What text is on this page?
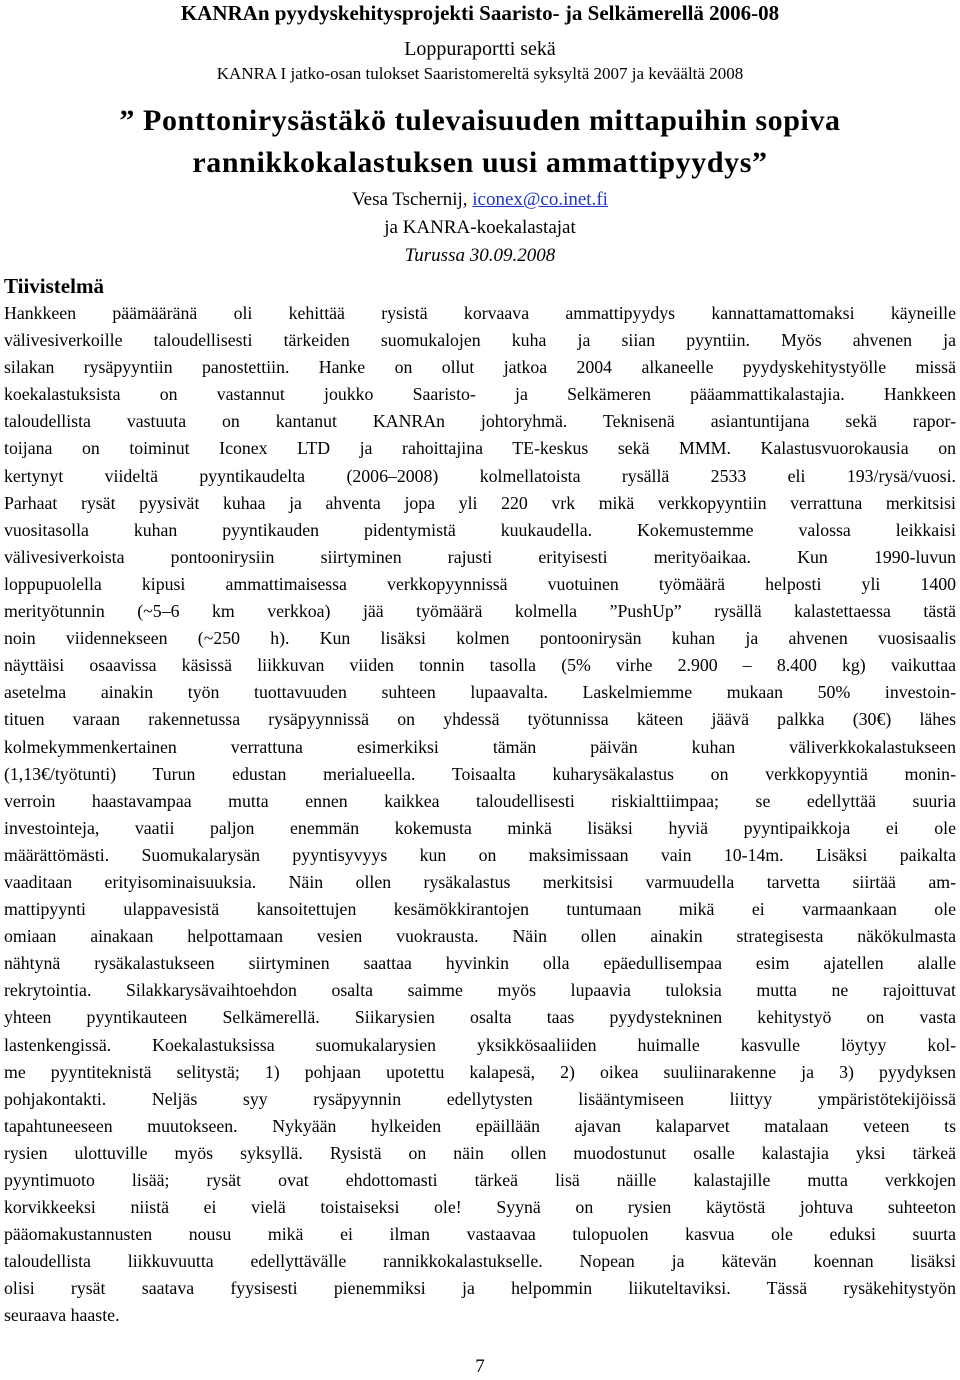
KANRAn pyydyskehitysprojekti Saaristo- ja Selkämerellä 2006-08

Loppuraportti sekä

KANRA I jatko-osan tulokset Saaristomereltä syksyltä 2007 ja keväältä 2008

” Ponttonirysästäkö tulevaisuuden mittapuihin sopiva
rannikkokalastuksen uusi ammattipyydys”

Vesa Tschernij, iconex@co.inet.fi

ja KANRA-koekalastajat

Turussa 30.09.2008

Tiivistelmä
Hankkeen päämääränä oli kehittää rysistä korvaava ammattipyydys kannattamattomaksi käyneille
välivesiverkoille taloudellisesti tärkeiden suomukalojen kuha ja siian pyyntiin. Myös ahvenen ja
silakan rysäpyyntiin panostettiin. Hanke on ollut jatkoa 2004 alkaneelle pyydyskehitystyölle missä
koekalastuksista on vastannut joukko Saaristo- ja Selkämeren pääammattikalastajia. Hankkeen
taloudellista vastuuta on kantanut KANRAn johtoryhmä. Teknisenä asiantuntijana sekä rapor-
toijana on toiminut Iconex LTD ja rahoittajina TE-keskus sekä MMM. Kalastusvuorokausia on
kertynyt viideltä pyyntikaudelta (2006–2008) kolmellatoista rysällä 2533 eli 193/rysä/vuosi.
Parhaat rysät pyysivät kuhaa ja ahventa jopa yli 220 vrk mikä verkkopyyntiin verrattuna merkitsisi
vuositasolla kuhan pyyntikauden pidentymistä kuukaudella. Kokemustemme valossa leikkaisi
välivesiverkoista pontoonirysiin siirtyminen rajusti erityisesti merityöaikaa. Kun 1990-luvun
loppupuolella kipusi ammattimaisessa verkkopyynnissä vuotuinen työmäärä helposti yli 1400
merityötunnin (~5–6 km verkkoa) jää työmäärä kolmella ”PushUp” rysällä kalastettaessa tästä
noin viidennekseen (~250 h). Kun lisäksi kolmen pontoonirysän kuhan ja ahvenen vuosisaalis
näyttäisi osaavissa käsissä liikkuvan viiden tonnin tasolla (5% virhe 2.900 – 8.400 kg) vaikuttaa
asetelma ainakin työn tuottavuuden suhteen lupaavalta. Laskelmiemme mukaan 50% investoin-
tituen varaan rakennetussa rysäpyynnissä on yhdessä työtunnissa käteen jäävä palkka (30€) lähes
kolmekymmenkertainen verrattuna esimerkiksi tämän päivän kuhan väliverkkokalastukseen
(1,13€/työtunti) Turun edustan merialueella. Toisaalta kuharysäkalastus on verkkopyyntiä monin-
verroin haastavampaa mutta ennen kaikkea taloudellisesti riskialttiimpaa; se edellyttää suuria
investointeja, vaatii paljon enemmän kokemusta minkä lisäksi hyviä pyyntipaikkoja ei ole
määrättömästi. Suomukalarysän pyyntisyvyys kun on maksimissaan vain 10-14m. Lisäksi paikalta
vaaditaan erityisominaisuuksia. Näin ollen rysäkalastus merkitsisi varmuudella tarvetta siirtää am-
mattipyynti ulappavesistä kansoitettujen kesämökkirantojen tuntumaan mikä ei varmaankaan ole
omiaan ainakaan helpottamaan vesien vuokrausta. Näin ollen ainakin strategisesta näkökulmasta
nähtynä rysäkalastukseen siirtyminen saattaa hyvinkin olla epäedullisempaa esim ajatellen alalle
rekrytointia. Silakkarysävaihtoehdon osalta saimme myös lupaavia tuloksia mutta ne rajoittuvat
yhteen pyyntikauteen Selkämerellä. Siikarysien osalta taas pyydystekninen kehitystyö on vasta
lastenkengissä. Koekalastuksissa suomukalarysien yksikkösaaliiden huimalle kasvulle löytyy kol-
me pyyntiteknistä selitystä; 1) pohjaan upotettu kalapesä, 2) oikea suuliinarakenne ja 3) pyydyksen
pohjakontakti. Neljäs syy rysäpyynnin edellytysten lisääntymiseen liittyy ympäristötekijöissä
tapahtuneeseen muutokseen. Nykyään hylkeiden epäillään ajavan kalaparvet matalaan veteen ts
rysien ulottuville myös syksyllä. Rysistä on näin ollen muodostunut osalle kalastajia yksi tärkeä
pyyntimuoto lisää; rysät ovat ehdottomasti tärkeä lisä näille kalastajille mutta verkkojen
korvikkeeksi niistä ei vielä toistaiseksi ole! Syynä on rysien käytöstä johtuva suhteeton
pääomakustannusten nousu mikä ei ilman vastaavaa tulopuolen kasvua ole eduksi suurta
taloudellista liikkuvuutta edellyttävälle rannikkokalastukselle. Nopean ja kätevän koennan lisäksi
olisi rysät saatava fyysisesti pienemmiksi ja helpommin liikuteltaviksi. Tässä rysäkehitystyön
seuraava haaste.

7
